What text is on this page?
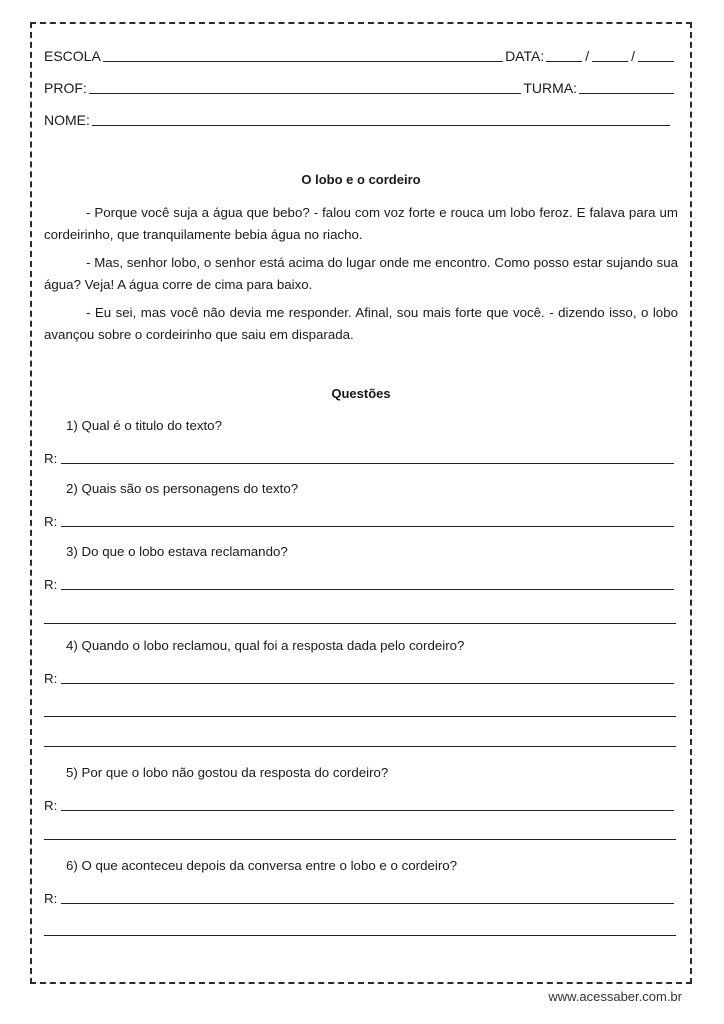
ESCOLA	DATA:	/	/
PROF:	TURMA:
NOME:
O lobo e o cordeiro
- Porque você suja a água que bebo? - falou com voz forte e rouca um lobo feroz. E falava para um cordeirinho, que tranquilamente bebia água no riacho.
- Mas, senhor lobo, o senhor está acima do lugar onde me encontro. Como posso estar sujando sua água? Veja! A água corre de cima para baixo.
- Eu sei, mas você não devia me responder. Afinal, sou mais forte que você. - dizendo isso, o lobo avançou sobre o cordeirinho que saiu em disparada.
Questões
1) Qual é o titulo do texto?
R:
2) Quais são os personagens do texto?
R:
3) Do que o lobo estava reclamando?
R:
4) Quando o lobo reclamou, qual foi a resposta dada pelo cordeiro?
R:
5) Por que o lobo não gostou da resposta do cordeiro?
R:
6) O que aconteceu depois da conversa entre o lobo e o cordeiro?
R:
www.acessaber.com.br
